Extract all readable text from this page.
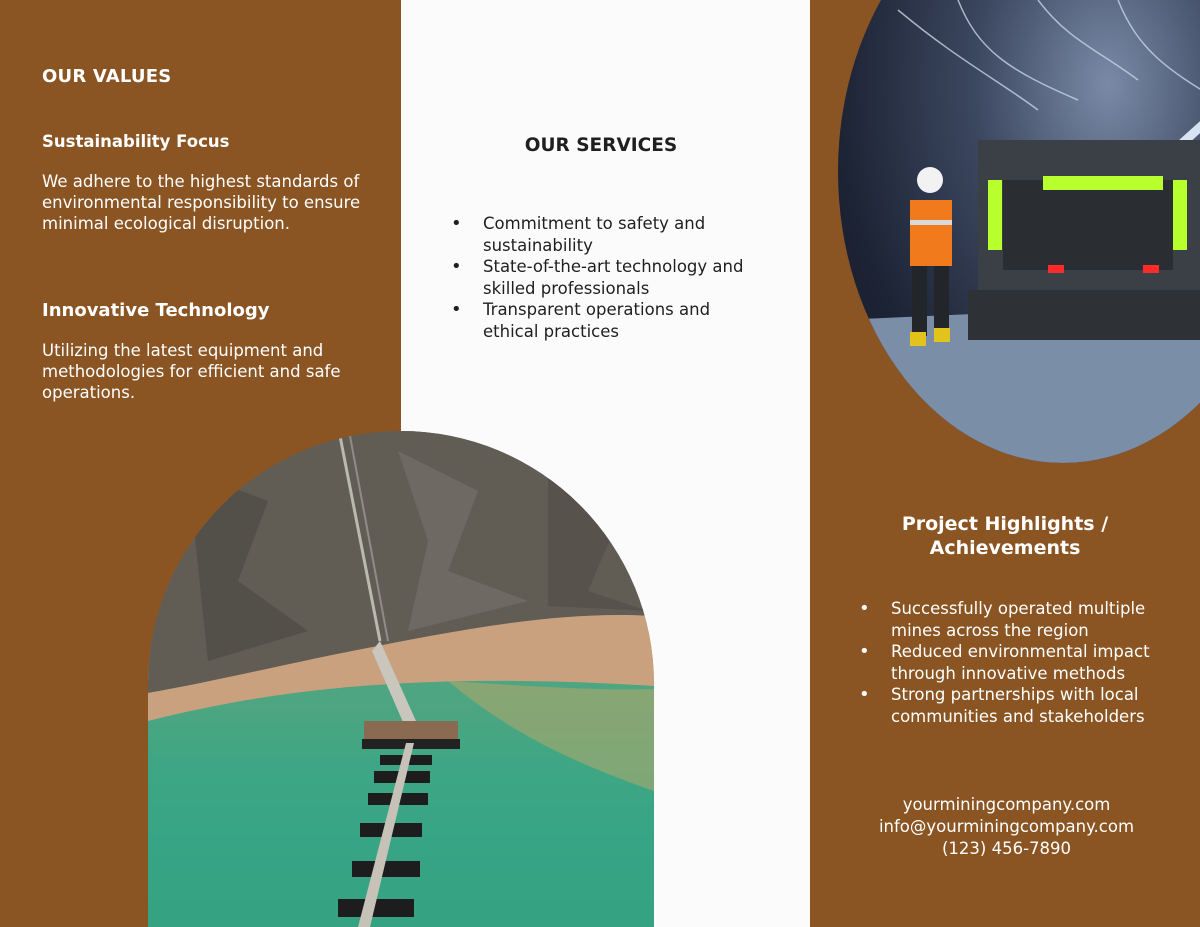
OUR VALUES
Sustainability Focus
We adhere to the highest standards of environmental responsibility to ensure minimal ecological disruption.
Innovative Technology
Utilizing the latest equipment and methodologies for efficient and safe operations.
OUR SERVICES
• Commitment to safety and sustainability
• State-of-the-art technology and skilled professionals
• Transparent operations and ethical practices
Project Highlights / Achievements
• Successfully operated multiple mines across the region
• Reduced environmental impact through innovative methods
• Strong partnerships with local communities and stakeholders
yourminingcompany.com
info@yourminingcompany.com
(123) 456-7890
